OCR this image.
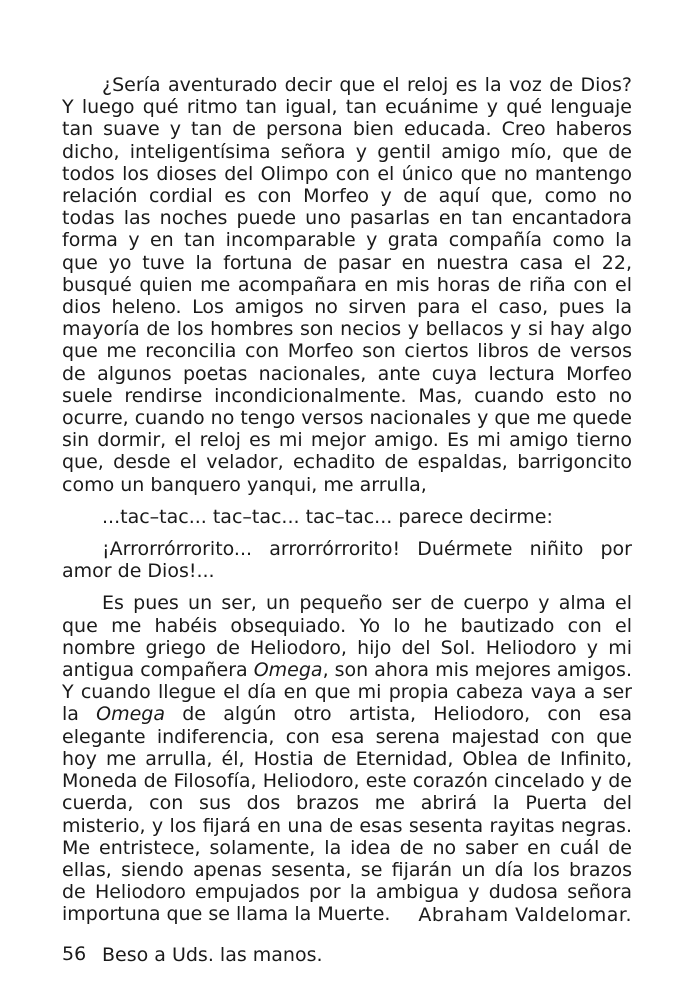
¿Sería aventurado decir que el reloj es la voz de Dios? Y luego qué ritmo tan igual, tan ecuánime y qué lenguaje tan suave y tan de persona bien educada. Creo haberos dicho, inteligentísima señora y gentil amigo mío, que de todos los dioses del Olimpo con el único que no mantengo relación cordial es con Morfeo y de aquí que, como no todas las noches puede uno pasarlas en tan encantadora forma y en tan incomparable y grata compañía como la que yo tuve la fortuna de pasar en nuestra casa el 22, busqué quien me acompañara en mis horas de riña con el dios heleno. Los amigos no sirven para el caso, pues la mayoría de los hombres son necios y bellacos y si hay algo que me reconcilia con Morfeo son ciertos libros de versos de algunos poetas nacionales, ante cuya lectura Morfeo suele rendirse incondicionalmente. Mas, cuando esto no ocurre, cuando no tengo versos nacionales y que me quede sin dormir, el reloj es mi mejor amigo. Es mi amigo tierno que, desde el velador, echadito de espaldas, barrigoncito como un banquero yanqui, me arrulla,

...tac–tac... tac–tac... tac–tac... parece decirme:

¡Arrorrórrorito... arrorrórrorito! Duérmete niñito por amor de Dios!...

Es pues un ser, un pequeño ser de cuerpo y alma el que me habéis obsequiado. Yo lo he bautizado con el nombre griego de Heliodoro, hijo del Sol. Heliodoro y mi antigua compañera Omega, son ahora mis mejores amigos. Y cuando llegue el día en que mi propia cabeza vaya a ser la Omega de algún otro artista, Heliodoro, con esa elegante indiferencia, con esa serena majestad con que hoy me arrulla, él, Hostia de Eternidad, Oblea de Infinito, Moneda de Filosofía, Heliodoro, este corazón cincelado y de cuerda, con sus dos brazos me abrirá la Puerta del misterio, y los fijará en una de esas sesenta rayitas negras. Me entristece, solamente, la idea de no saber en cuál de ellas, siendo apenas sesenta, se fijarán un día los brazos de Heliodoro empujados por la ambigua y dudosa señora importuna que se llama la Muerte.

Beso a Uds. las manos.

Abraham Valdelomar.
56
